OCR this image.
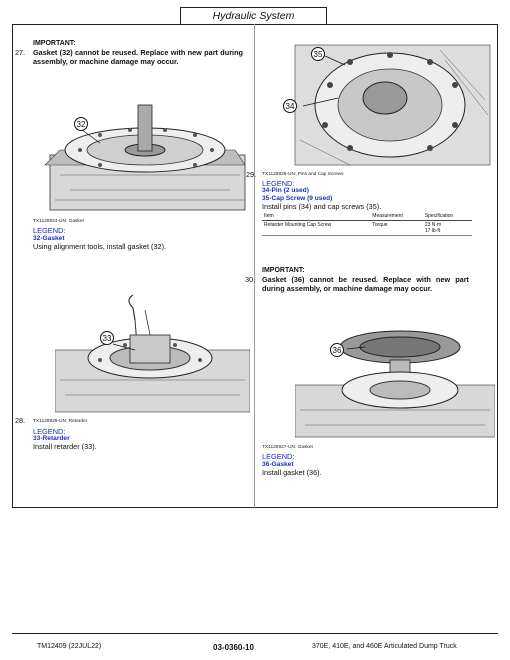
Hydraulic System
IMPORTANT:
27. Gasket (32) cannot be reused. Replace with new part during assembly, or machine damage may occur.
32
29. TX1128926-UN: Pins and Cap Screws
LEGEND:
34-Pin (2 used)
35-Cap Screw (9 used)
Install pins (34) and cap screws (35).
35
34
Item	Measurement	Specification
Retarder Mounting Cap Screw	Torque	23 N·m
17 lb-ft
TX1128924-UN: Gasket
LEGEND:
32-Gasket
Using alignment tools, install gasket (32).
IMPORTANT:
30. Gasket (36) cannot be reused. Replace with new part during assembly, or machine damage may occur.
33
36
28. TX1128925-UN: Retarder
LEGEND:
33-Retarder
Install retarder (33).	TX1128927-UN: Gasket
LEGEND:
36-Gasket
Install gasket (36).
TM12409 (22JUL22)	03-0360-10	370E, 410E, and 460E Articulated Dump Truck
